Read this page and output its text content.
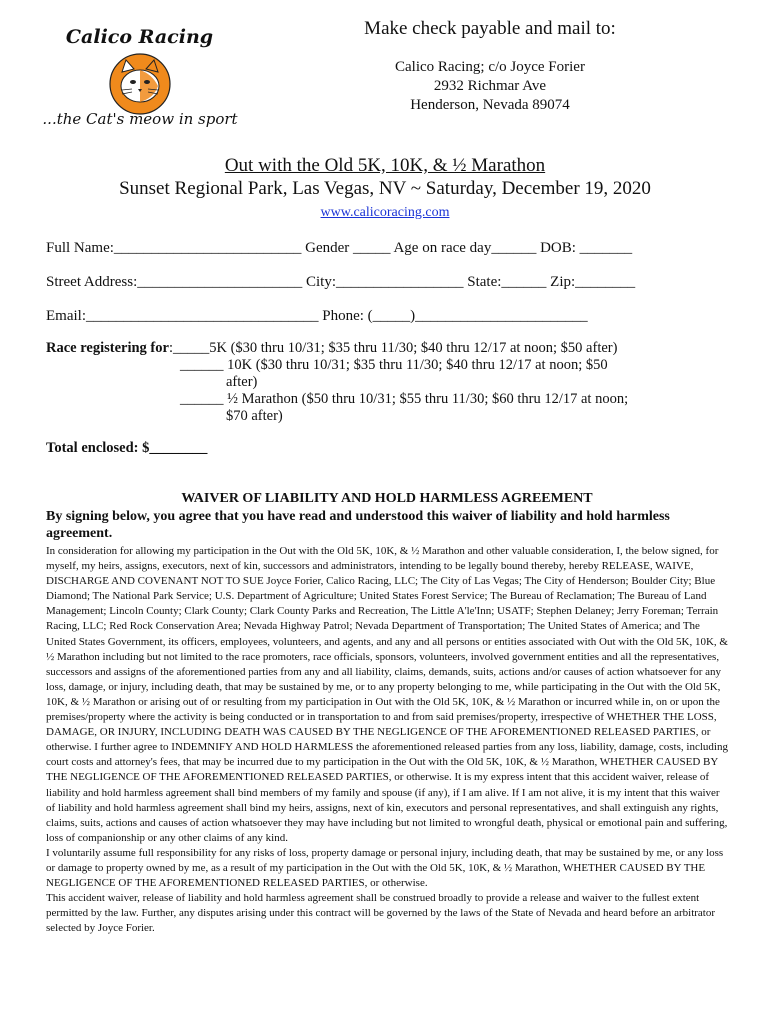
Calico Racing
...the Cat's meow in sport
Make check payable and mail to:
Calico Racing; c/o Joyce Forier
2932 Richmar Ave
Henderson, Nevada 89074
Out with the Old 5K, 10K, & ½ Marathon
Sunset Regional Park, Las Vegas, NV ~ Saturday, December 19, 2020
www.calicoracing.com
Full Name:_________________________ Gender _____ Age on race day______ DOB: _______
Street Address:______________________ City:_________________ State:______ Zip:________
Email:_______________________________ Phone: (_____)_______________________
Race registering for:_____5K ($30 thru 10/31; $35 thru 11/30; $40 thru 12/17 at noon; $50 after)
______ 10K ($30 thru 10/31; $35 thru 11/30; $40 thru 12/17 at noon; $50
after)
______ ½ Marathon ($50 thru 10/31; $55 thru 11/30; $60 thru 12/17 at noon;
$70 after)
Total enclosed: $________
WAIVER OF LIABILITY AND HOLD HARMLESS AGREEMENT
By signing below, you agree that you have read and understood this waiver of liability and hold harmless agreement.

In consideration for allowing my participation in the Out with the Old 5K, 10K, & ½ Marathon and other valuable consideration, I, the below signed, for myself, my heirs, assigns, executors, next of kin, successors and administrators, intending to be legally bound thereby, hereby RELEASE, WAIVE, DISCHARGE AND COVENANT NOT TO SUE Joyce Forier, Calico Racing, LLC; The City of Las Vegas; The City of Henderson; Boulder City; Blue Diamond; The National Park Service; U.S. Department of Agriculture; United States Forest Service; The Bureau of Reclamation; The Bureau of Land Management; Lincoln County; Clark County; Clark County Parks and Recreation, The Little A'le'Inn; USATF; Stephen Delaney; Jerry Foreman; Terrain Racing, LLC; Red Rock Conservation Area; Nevada Highway Patrol; Nevada Department of Transportation; The United States of America; and The United States Government, its officers, employees, volunteers, and agents, and any and all persons or entities associated with Out with the Old 5K, 10K, & ½ Marathon including but not limited to the race promoters, race officials, sponsors, volunteers, involved government entities and all the representatives, successors and assigns of the aforementioned parties from any and all liability, claims, demands, suits, actions and/or causes of action whatsoever for any loss, damage, or injury, including death, that may be sustained by me, or to any property belonging to me, while participating in the Out with the Old 5K, 10K, & ½ Marathon or arising out of or resulting from my participation in Out with the Old 5K, 10K, & ½ Marathon or incurred while in, on or upon the premises/property where the activity is being conducted or in transportation to and from said premises/property, irrespective of WHETHER THE LOSS, DAMAGE, OR INJURY, INCLUDING DEATH WAS CAUSED BY THE NEGLIGENCE OF THE AFOREMENTIONED RELEASED PARTIES, or otherwise. I further agree to INDEMNIFY AND HOLD HARMLESS the aforementioned released parties from any loss, liability, damage, costs, including court costs and attorney's fees, that may be incurred due to my participation in the Out with the Old 5K, 10K, & ½ Marathon, WHETHER CAUSED BY THE NEGLIGENCE OF THE AFOREMENTIONED RELEASED PARTIES, or otherwise. It is my express intent that this accident waiver, release of liability and hold harmless agreement shall bind members of my family and spouse (if any), if I am alive. If I am not alive, it is my intent that this waiver of liability and hold harmless agreement shall bind my heirs, assigns, next of kin, executors and personal representatives, and shall extinguish any rights, claims, suits, actions and causes of action whatsoever they may have including but not limited to wrongful death, physical or emotional pain and suffering, loss of companionship or any other claims of any kind.

I voluntarily assume full responsibility for any risks of loss, property damage or personal injury, including death, that may be sustained by me, or any loss or damage to property owned by me, as a result of my participation in the Out with the Old 5K, 10K, & ½ Marathon, WHETHER CAUSED BY THE NEGLIGENCE OF THE AFOREMENTIONED RELEASED PARTIES, or otherwise.

This accident waiver, release of liability and hold harmless agreement shall be construed broadly to provide a release and waiver to the fullest extent permitted by the law. Further, any disputes arising under this contract will be governed by the laws of the State of Nevada and heard before an arbitrator selected by Joyce Forier.
